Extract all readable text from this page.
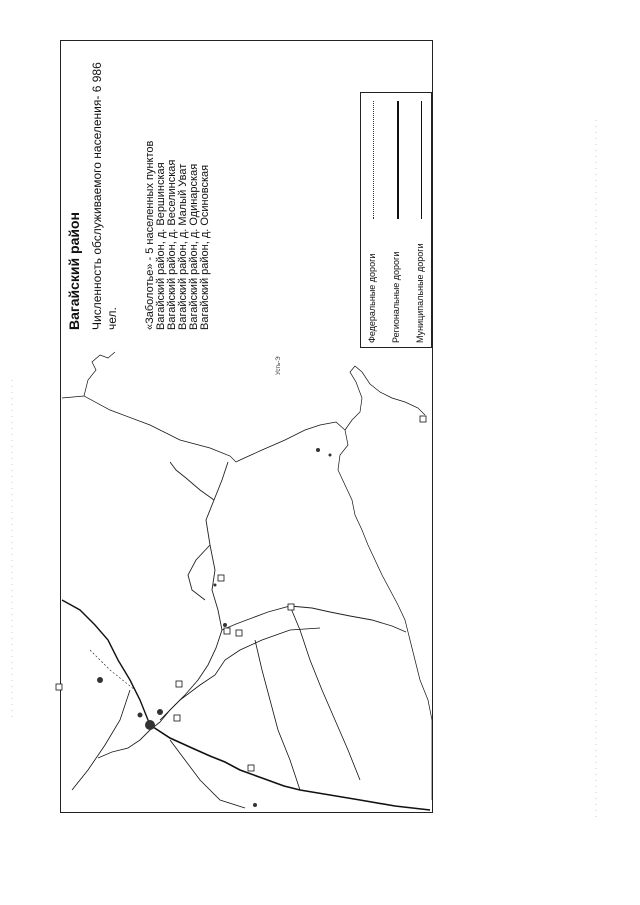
Усть-Э
Вагайский район Численность обслуживаемого населения- 6 986 чел. «Заболотье» - 5 населенных пунктов Вагайский район, д. Вершинская Вагайский район, д. Веселинская Вагайский район, д. Малый Уват Вагайский район, д. Одинарская Вагайский район, д. Осиновская	Федеральные дороги Региональные дороги Муниципальные дороги
